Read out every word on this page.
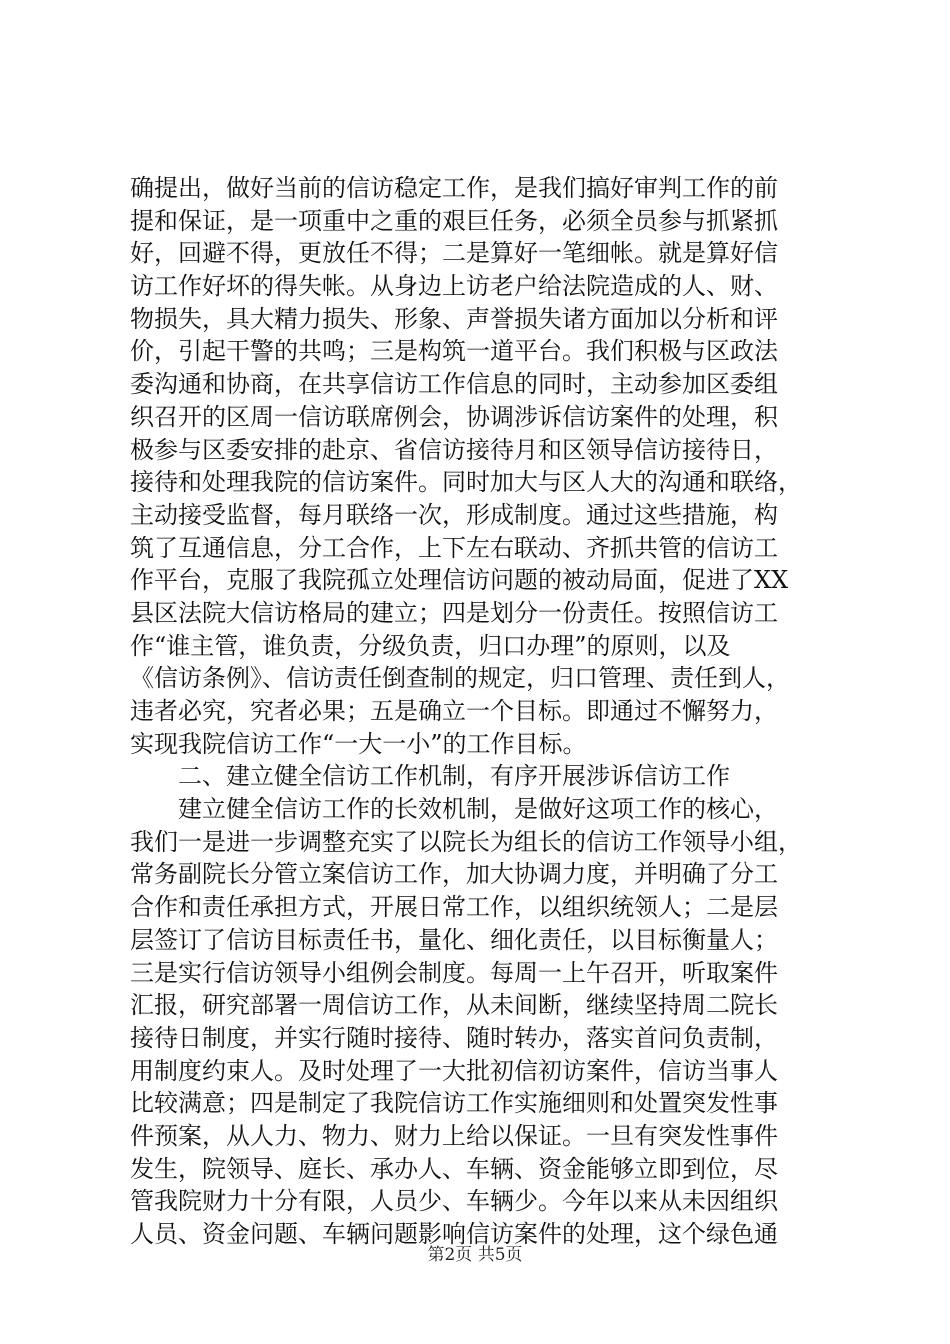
确提出，做好当前的信访稳定工作，是我们搞好审判工作的前
提和保证，是一项重中之重的艰巨任务，必须全员参与抓紧抓
好，回避不得，更放任不得；二是算好一笔细帐。就是算好信
访工作好坏的得失帐。从身边上访老户给法院造成的人、财、
物损失，具大精力损失、形象、声誉损失诸方面加以分析和评
价，引起干警的共鸣；三是构筑一道平台。我们积极与区政法
委沟通和协商，在共享信访工作信息的同时，主动参加区委组
织召开的区周一信访联席例会，协调涉诉信访案件的处理，积
极参与区委安排的赴京、省信访接待月和区领导信访接待日，
接待和处理我院的信访案件。同时加大与区人大的沟通和联络，
主动接受监督，每月联络一次，形成制度。通过这些措施，构
筑了互通信息，分工合作，上下左右联动、齐抓共管的信访工
作平台，克服了我院孤立处理信访问题的被动局面，促进了XX
县区法院大信访格局的建立；四是划分一份责任。按照信访工
作“谁主管，谁负责，分级负责，归口办理”的原则，以及
《信访条例》、信访责任倒查制的规定，归口管理、责任到人，
违者必究，究者必果；五是确立一个目标。即通过不懈努力，
实现我院信访工作“一大一小”的工作目标。
　　二、建立健全信访工作机制，有序开展涉诉信访工作
　　建立健全信访工作的长效机制，是做好这项工作的核心，
我们一是进一步调整充实了以院长为组长的信访工作领导小组，
常务副院长分管立案信访工作，加大协调力度，并明确了分工
合作和责任承担方式，开展日常工作，以组织统领人；二是层
层签订了信访目标责任书，量化、细化责任，以目标衡量人；
三是实行信访领导小组例会制度。每周一上午召开，听取案件
汇报，研究部署一周信访工作，从未间断，继续坚持周二院长
接待日制度，并实行随时接待、随时转办，落实首问负责制，
用制度约束人。及时处理了一大批初信初访案件，信访当事人
比较满意；四是制定了我院信访工作实施细则和处置突发性事
件预案，从人力、物力、财力上给以保证。一旦有突发性事件
发生，院领导、庭长、承办人、车辆、资金能够立即到位，尽
管我院财力十分有限，人员少、车辆少。今年以来从未因组织
人员、资金问题、车辆问题影响信访案件的处理，这个绿色通
第2页 共5页
